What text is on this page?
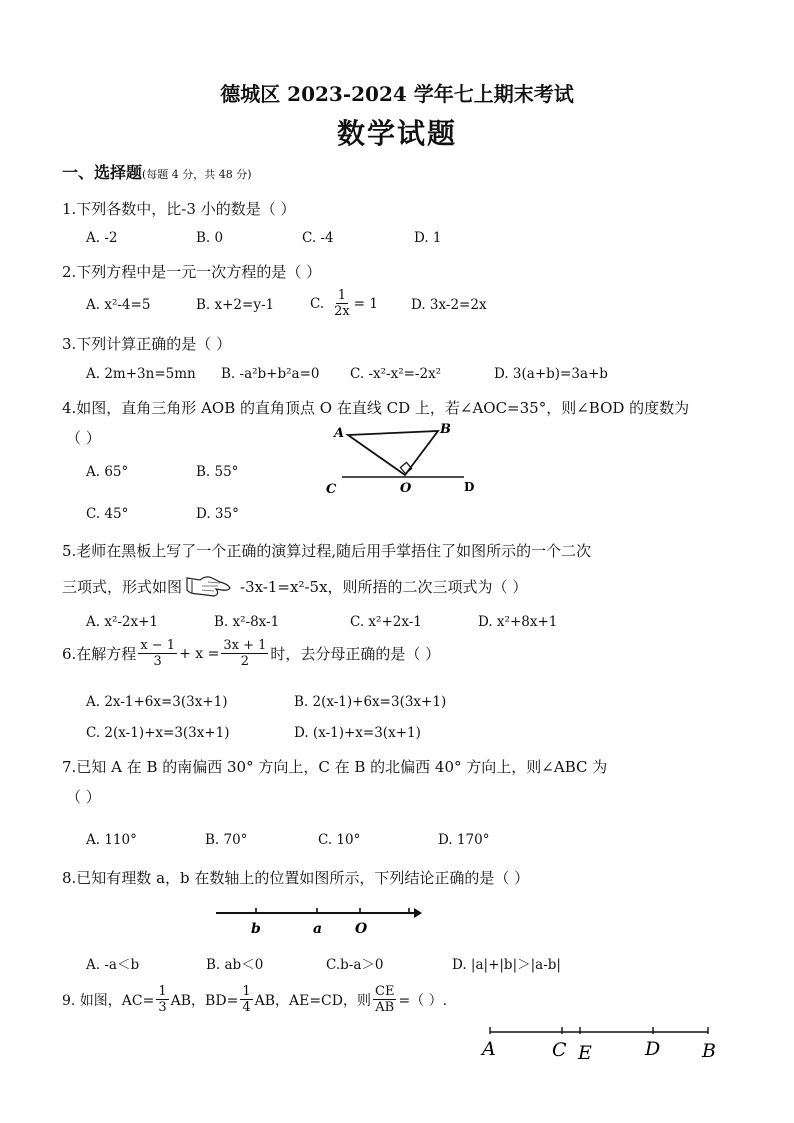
德城区 2023-2024 学年七上期末考试
数学试题
一、选择题(每题 4 分，共 48 分)
1.下列各数中，比-3 小的数是（ ）
A. -2	B. 0	C. -4	D. 1
2.下列方程中是一元一次方程的是（ ）
A. x²-4=5	B. x+2=y-1	C. $\frac{1}{2x} = 1$ D. 3x-2=2x
3.下列计算正确的是（ ）
A. 2m+3n=5mn B. -a²b+b²a=0 C. -x²-x²=-2x²	D. 3(a+b)=3a+b
4.如图，直角三角形 AOB 的直角顶点 O 在直线 CD 上，若∠AOC=35°，则∠BOD 的度数为
（ ）
A. 65°	B. 55°
C. 45°	D. 35°
A	B
C	O	D
5.老师在黑板上写了一个正确的演算过程,随后用手掌捂住了如图所示的一个二次
三项式，形式如图	-3x-1=x²-5x，则所捂的二次三项式为（ ）
A. x²-2x+1	B. x²-8x-1	C. x²+2x-1	D. x²+8x+1
6.在解方程 $\frac{x - 1}{3} + x = \frac{3x + 1}{2}$ 时，去分母正确的是（ ）
A. 2x-1+6x=3(3x+1)	B. 2(x-1)+6x=3(3x+1)
C. 2(x-1)+x=3(3x+1)	D. (x-1)+x=3(x+1)
7.已知 A 在 B 的南偏西 30° 方向上，C 在 B 的北偏西 40° 方向上，则∠ABC 为
（ ）
A. 110°	B. 70°	C. 10°	D. 170°
8.已知有理数 a，b 在数轴上的位置如图所示，下列结论正确的是（ ）
b	a O
A. -a＜b	B. ab＜0	C.b-a＞0	D. |a|+|b|＞|a-b|
9. 如图，$AC= \frac{1}{3}$ AB，$BD= \frac{1}{4}$ AB，AE=CD，则 $\frac{CE}{AB}$ =（ ）.
A	C E	D B
